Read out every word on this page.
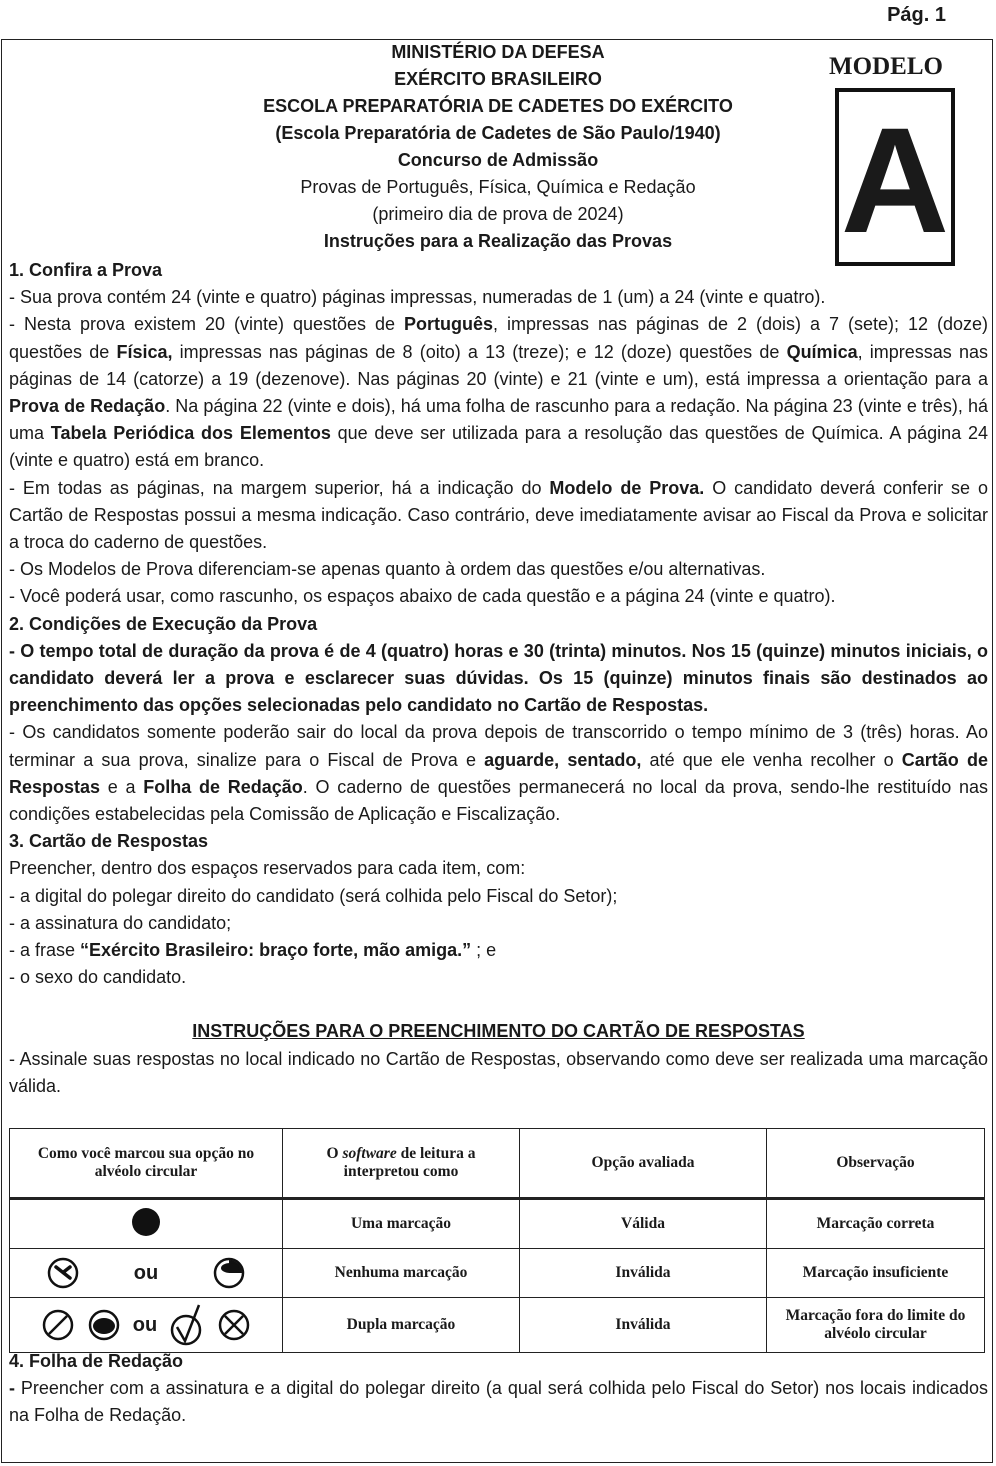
Pág. 1
MINISTÉRIO DA DEFESA
EXÉRCITO BRASILEIRO
ESCOLA PREPARATÓRIA DE CADETES DO EXÉRCITO
(Escola Preparatória de Cadetes de São Paulo/1940)
Concurso de Admissão
Provas de Português, Física, Química e Redação
(primeiro dia de prova de 2024)
Instruções para a Realização das Provas
MODELO
A

1. Confira a Prova

- Sua prova contém 24 (vinte e quatro) páginas impressas, numeradas de 1 (um) a 24 (vinte e quatro).

- Nesta prova existem 20 (vinte) questões de Português, impressas nas páginas de 2 (dois) a 7 (sete); 12 (doze) questões de Física, impressas nas páginas de 8 (oito) a 13 (treze); e 12 (doze) questões de Química, impressas nas páginas de 14 (catorze) a 19 (dezenove). Nas páginas 20 (vinte) e 21 (vinte e um), está impressa a orientação para a Prova de Redação. Na página 22 (vinte e dois), há uma folha de rascunho para a redação. Na página 23 (vinte e três), há uma Tabela Periódica dos Elementos que deve ser utilizada para a resolução das questões de Química. A página 24 (vinte e quatro) está em branco.

- Em todas as páginas, na margem superior, há a indicação do Modelo de Prova. O candidato deverá conferir se o Cartão de Respostas possui a mesma indicação. Caso contrário, deve imediatamente avisar ao Fiscal da Prova e solicitar a troca do caderno de questões.

- Os Modelos de Prova diferenciam-se apenas quanto à ordem das questões e/ou alternativas.

- Você poderá usar, como rascunho, os espaços abaixo de cada questão e a página 24 (vinte e quatro).

2. Condições de Execução da Prova

- O tempo total de duração da prova é de 4 (quatro) horas e 30 (trinta) minutos. Nos 15 (quinze) minutos iniciais, o candidato deverá ler a prova e esclarecer suas dúvidas. Os 15 (quinze) minutos finais são destinados ao preenchimento das opções selecionadas pelo candidato no Cartão de Respostas.

- Os candidatos somente poderão sair do local da prova depois de transcorrido o tempo mínimo de 3 (três) horas. Ao terminar a sua prova, sinalize para o Fiscal de Prova e aguarde, sentado, até que ele venha recolher o Cartão de Respostas e a Folha de Redação. O caderno de questões permanecerá no local da prova, sendo-lhe restituído nas condições estabelecidas pela Comissão de Aplicação e Fiscalização.

3. Cartão de Respostas

Preencher, dentro dos espaços reservados para cada item, com:

- a digital do polegar direito do candidato (será colhida pelo Fiscal do Setor);

- a assinatura do candidato;

- a frase “Exército Brasileiro: braço forte, mão amiga.” ; e

- o sexo do candidato.

INSTRUÇÕES PARA O PREENCHIMENTO DO CARTÃO DE RESPOSTAS

- Assinale suas respostas no local indicado no Cartão de Respostas, observando como deve ser realizada uma marcação válida.

Como você marcou sua opção no alvéolo circular	O software de leitura a interpretou como	Opção avaliada	Observação
	Uma marcação	Válida	Marcação correta

ou	Nenhuma marcação	Inválida	Marcação insuficiente

ou	Dupla marcação	Inválida	Marcação fora do limite do alvéolo circular

4. Folha de Redação

- Preencher com a assinatura e a digital do polegar direito (a qual será colhida pelo Fiscal do Setor) nos locais indicados na Folha de Redação.
